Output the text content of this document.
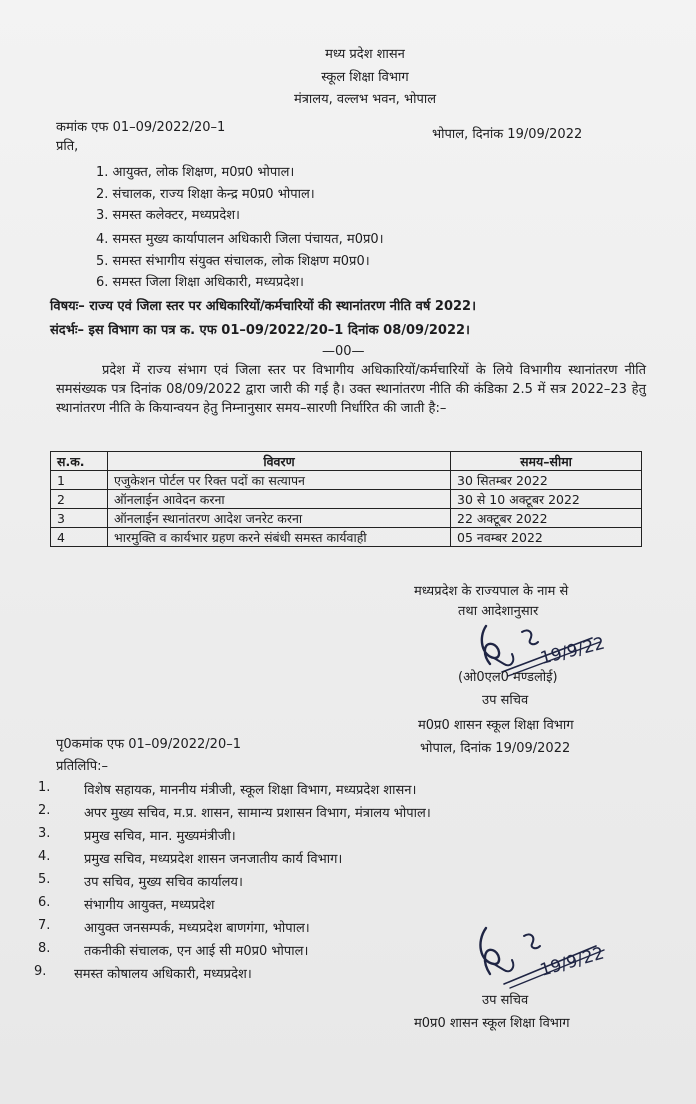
मध्य प्रदेश शासन
स्कूल शिक्षा विभाग
मंत्रालय, वल्लभ भवन, भोपाल
कमांक एफ 01–09/2022/20–1	भोपाल, दिनांक 19/09/2022
प्रति,
1. आयुक्त, लोक शिक्षण, म0प्र0 भोपाल।
2. संचालक, राज्य शिक्षा केन्द्र म0प्र0 भोपाल।
3. समस्त कलेक्टर, मध्यप्रदेश।
4. समस्त मुख्य कार्यापालन अधिकारी जिला पंचायत, म0प्र0।
5. समस्त संभागीय संयुक्त संचालक, लोक शिक्षण म0प्र0।
6. समस्त जिला शिक्षा अधिकारी, मध्यप्रदेश।
विषयः– राज्य एवं जिला स्तर पर अधिकारियों/कर्मचारियों की स्थानांतरण नीति वर्ष 2022।
संदर्भः– इस विभाग का पत्र क. एफ 01–09/2022/20–1 दिनांक 08/09/2022।
—00—
प्रदेश में राज्य संभाग एवं जिला स्तर पर विभागीय अधिकारियों/कर्मचारियों के लिये विभागीय स्थानांतरण नीति समसंख्यक पत्र दिनांक 08/09/2022 द्वारा जारी की गई है। उक्त स्थानांतरण नीति की कंडिका 2.5 में सत्र 2022–23 हेतु स्थानांतरण नीति के कियान्वयन हेतु निम्नानुसार समय–सारणी निर्धारित की जाती है:–
स.क.	विवरण	समय–सीमा
1	एजुकेशन पोर्टल पर रिक्त पदों का सत्यापन	30 सितम्बर 2022
2	ऑनलाईन आवेदन करना	30 से 10 अक्टूबर 2022
3	ऑनलाईन स्थानांतरण आदेश जनरेट करना	22 अक्टूबर 2022
4	भारमुक्ति व कार्यभार ग्रहण करने संबंधी समस्त कार्यवाही	05 नवम्बर 2022
मध्यप्रदेश के राज्यपाल के नाम से
तथा आदेशानुसार
19/9/22
(ओ0एल0 मण्डलोई)
उप सचिव
म0प्र0 शासन स्कूल शिक्षा विभाग
पृ0कमांक एफ 01–09/2022/20–1	भोपाल, दिनांक 19/09/2022
प्रतिलिपि:–
1.	विशेष सहायक, माननीय मंत्रीजी, स्कूल शिक्षा विभाग, मध्यप्रदेश शासन।
2.	अपर मुख्य सचिव, म.प्र. शासन, सामान्य प्रशासन विभाग, मंत्रालय भोपाल।
3.	प्रमुख सचिव, मान. मुख्यमंत्रीजी।
4.	प्रमुख सचिव, मध्यप्रदेश शासन जनजातीय कार्य विभाग।
5.	उप सचिव, मुख्य सचिव कार्यालय।
6.	संभागीय आयुक्त, मध्यप्रदेश
7.	आयुक्त जनसम्पर्क, मध्यप्रदेश बाणगंगा, भोपाल।
8.	तकनीकी संचालक, एन आई सी म0प्र0 भोपाल।
9. समस्त कोषालय अधिकारी, मध्यप्रदेश।	19/9/22
उप सचिव
म0प्र0 शासन स्कूल शिक्षा विभाग
